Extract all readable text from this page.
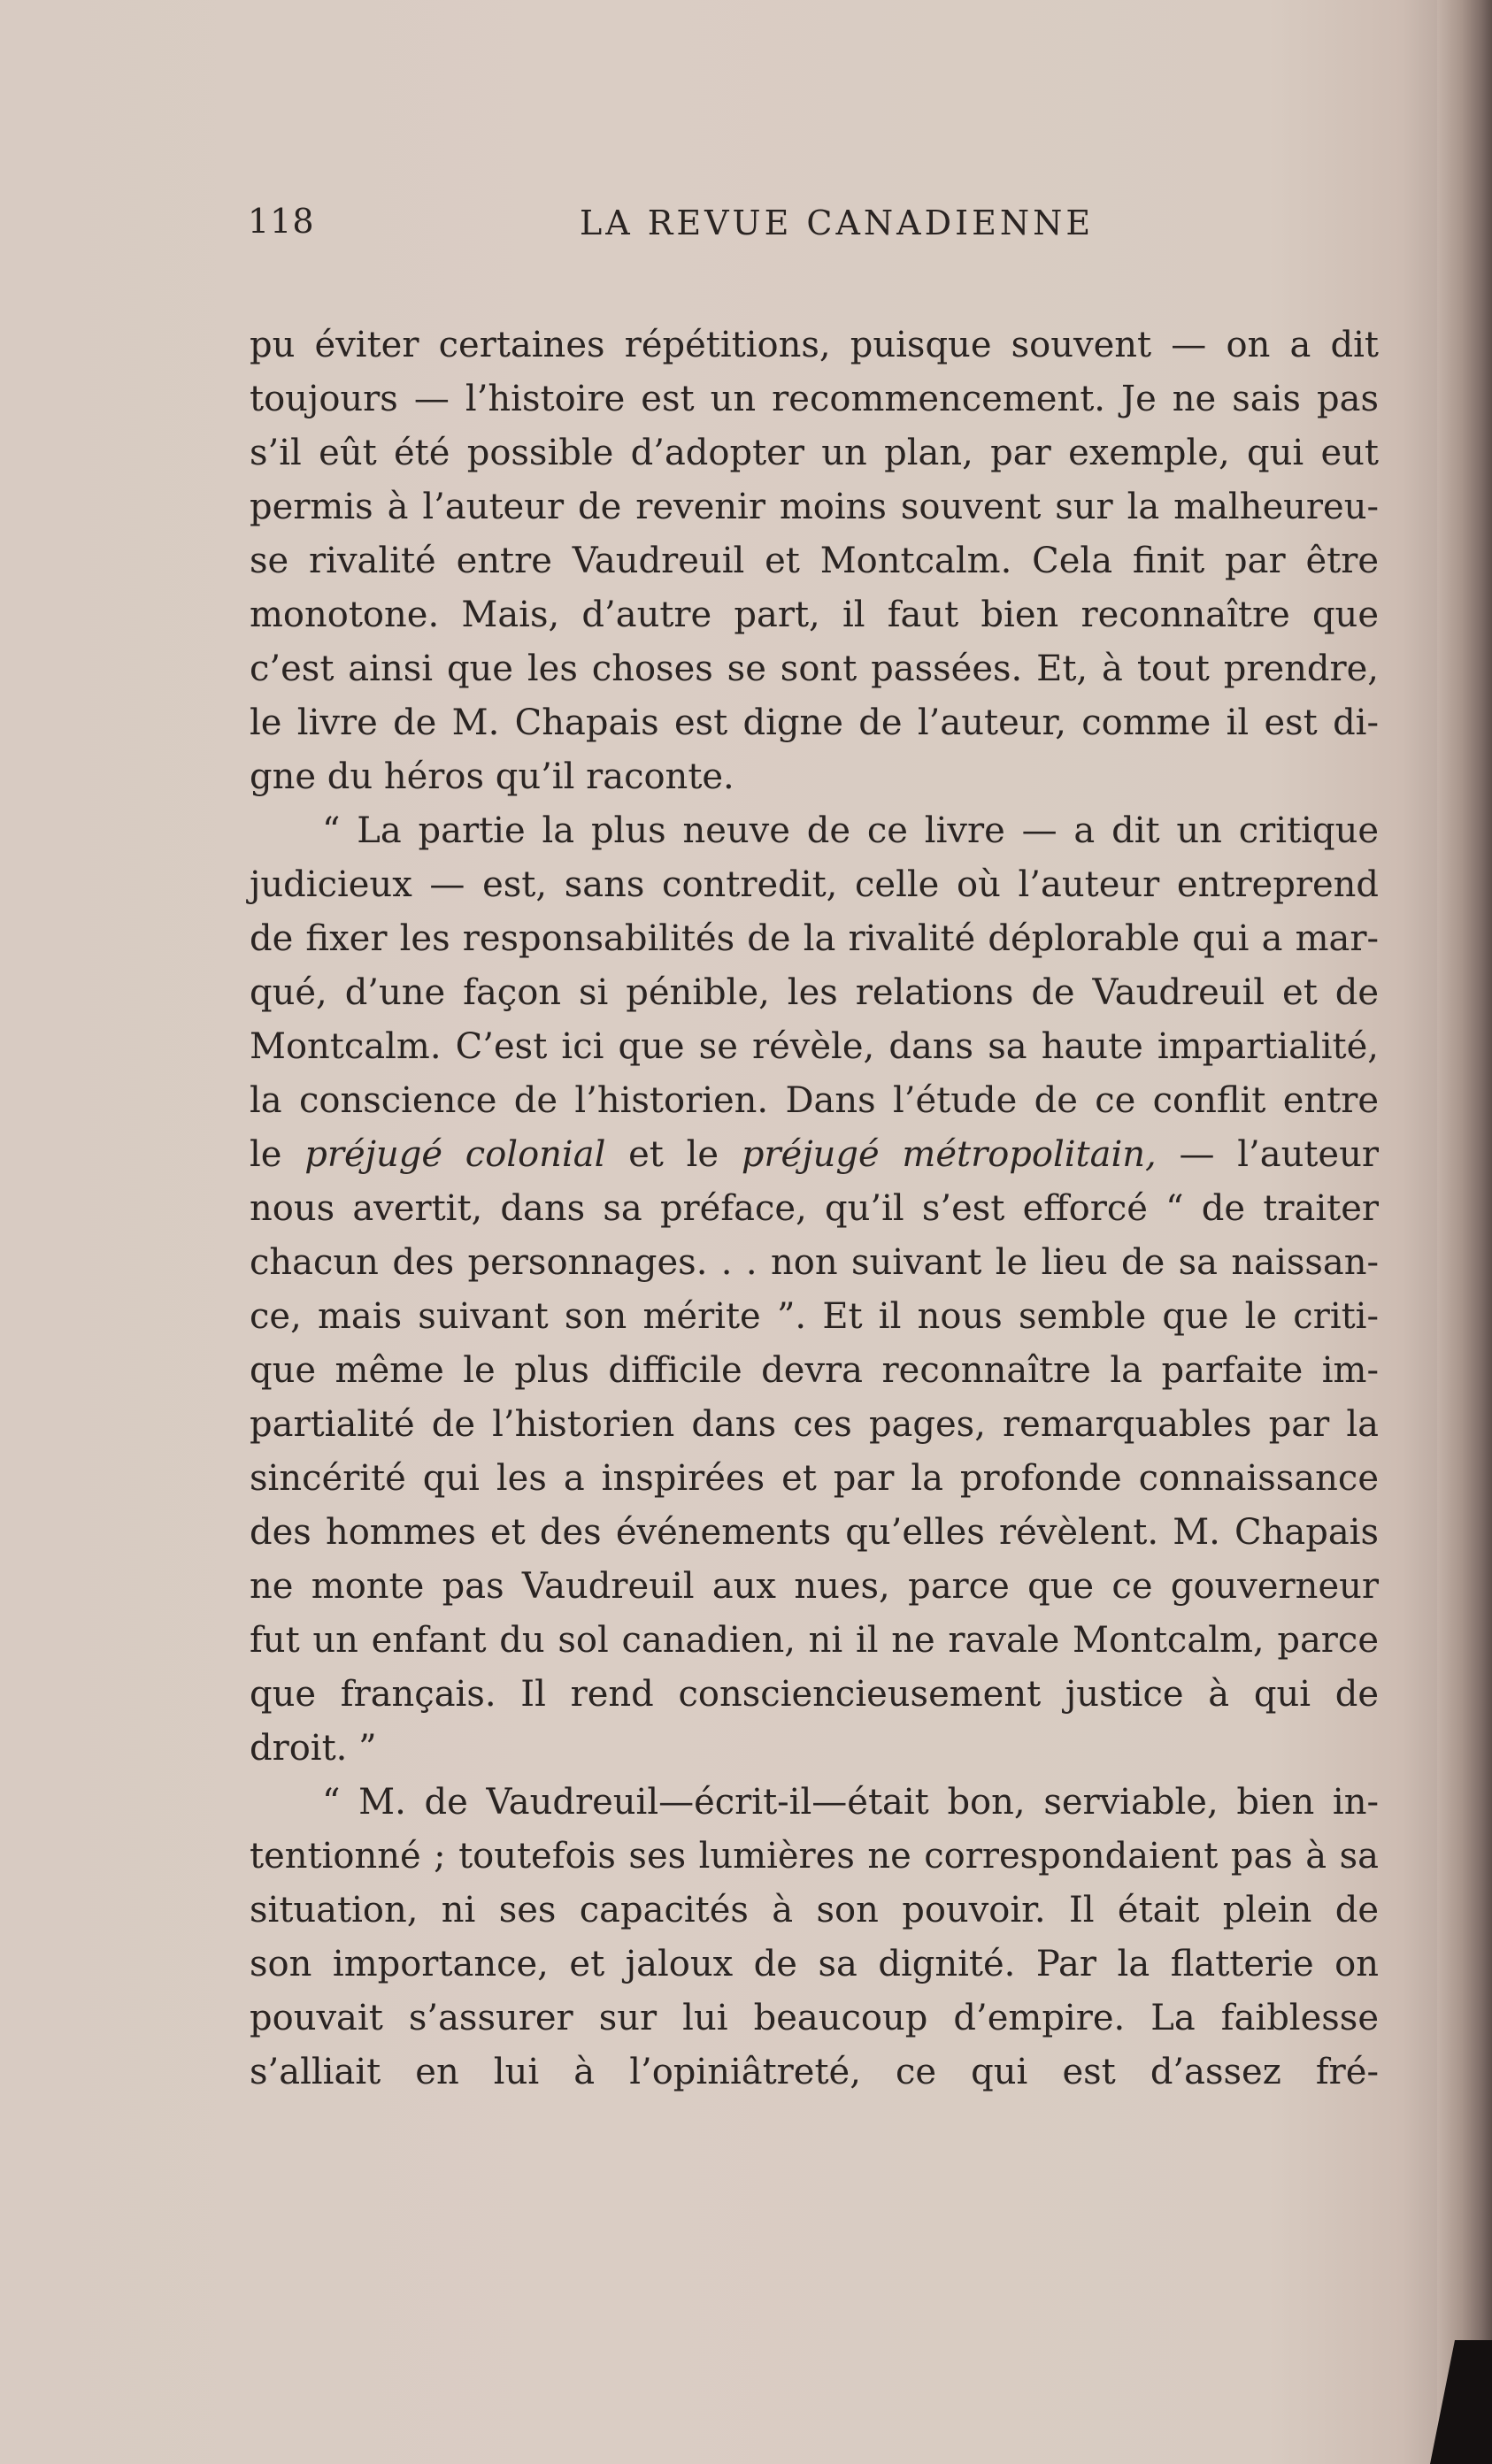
118	LA REVUE CANADIENNE
pu éviter certaines répétitions, puisque souvent — on a dit
toujours — l’histoire est un recommencement. Je ne sais pas
s’il eût été possible d’adopter un plan, par exemple, qui eut
permis à l’auteur de revenir moins souvent sur la malheureu-
se rivalité entre Vaudreuil et Montcalm. Cela finit par être
monotone. Mais, d’autre part, il faut bien reconnaître que
c’est ainsi que les choses se sont passées. Et, à tout prendre,
le livre de M. Chapais est digne de l’auteur, comme il est di-
gne du héros qu’il raconte.
“ La partie la plus neuve de ce livre — a dit un critique
judicieux — est, sans contredit, celle où l’auteur entreprend
de fixer les responsabilités de la rivalité déplorable qui a mar-
qué, d’une façon si pénible, les relations de Vaudreuil et de
Montcalm. C’est ici que se révèle, dans sa haute impartialité,
la conscience de l’historien. Dans l’étude de ce conflit entre
le préjugé colonial et le préjugé métropolitain, — l’auteur
nous avertit, dans sa préface, qu’il s’est efforcé “ de traiter
chacun des personnages. . . non suivant le lieu de sa naissan-
ce, mais suivant son mérite ”. Et il nous semble que le criti-
que même le plus difficile devra reconnaître la parfaite im-
partialité de l’historien dans ces pages, remarquables par la
sincérité qui les a inspirées et par la profonde connaissance
des hommes et des événements qu’elles révèlent. M. Chapais
ne monte pas Vaudreuil aux nues, parce que ce gouverneur
fut un enfant du sol canadien, ni il ne ravale Montcalm, parce
que français. Il rend consciencieusement justice à qui de
droit. ”
“ M. de Vaudreuil—écrit-il—était bon, serviable, bien in-
tentionné ; toutefois ses lumières ne correspondaient pas à sa
situation, ni ses capacités à son pouvoir. Il était plein de
son importance, et jaloux de sa dignité. Par la flatterie on
pouvait s’assurer sur lui beaucoup d’empire. La faiblesse
s’alliait en lui à l’opiniâtreté, ce qui est d’assez fré-
